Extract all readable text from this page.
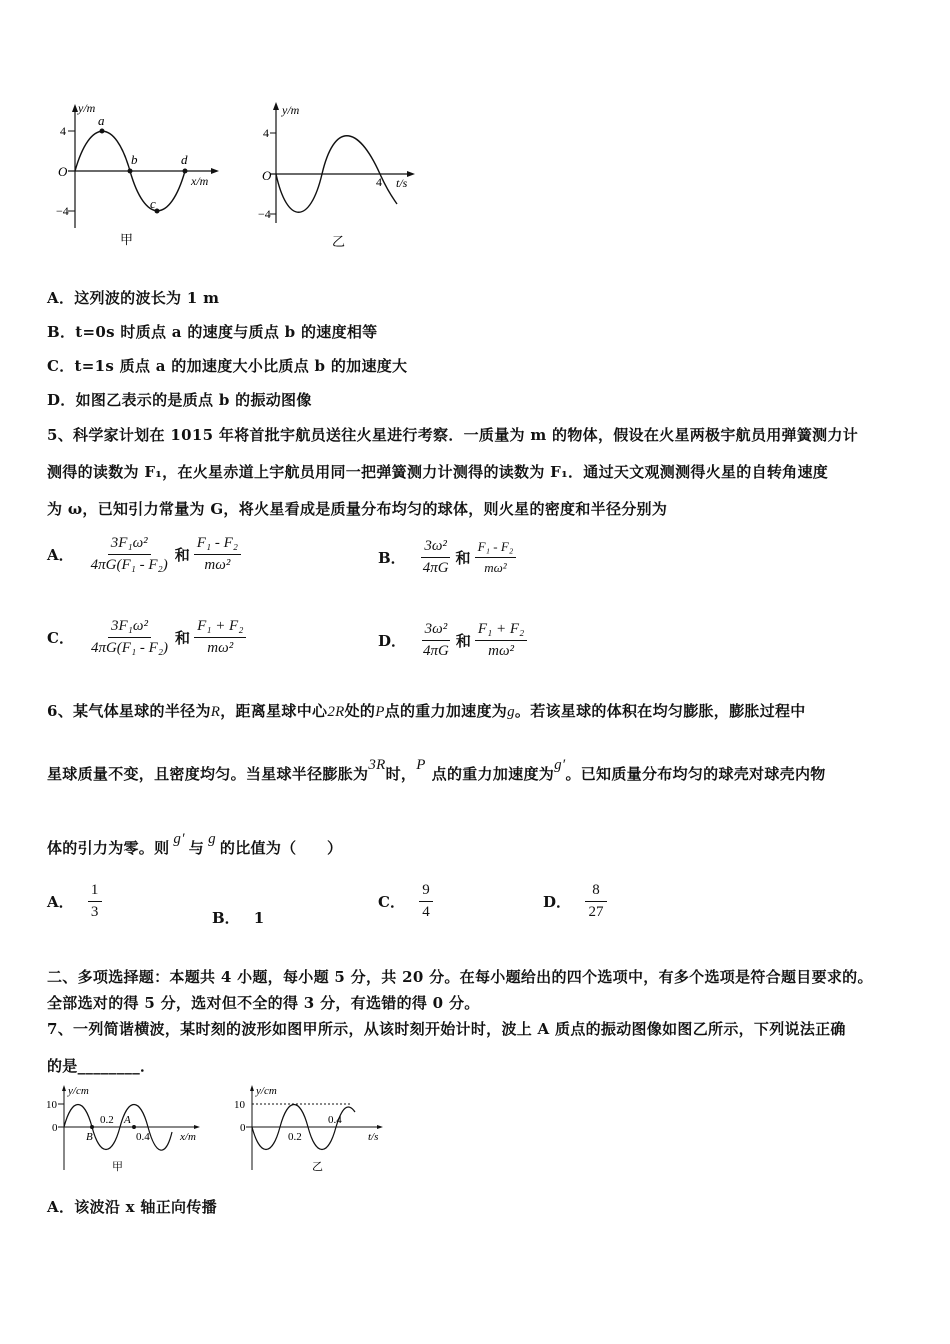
y/m
x/m
O
4
−4
a
b
c
d
甲
y/m
t/s
O
4
−4
4
乙
A．这列波的波长为 1 m
B．t=0s 时质点 a 的速度与质点 b 的速度相等
C．t=1s 质点 a 的加速度大小比质点 b 的加速度大
D．如图乙表示的是质点 b 的振动图像
5、科学家计划在 1015 年将首批宇航员送往火星进行考察．一质量为 m 的物体，假设在火星两极宇航员用弹簧测力计
测得的读数为 F₁，在火星赤道上宇航员用同一把弹簧测力计测得的读数为 F₁．通过天文观测测得火星的自转角速度
为 ω，已知引力常量为 G，将火星看成是质量分布均匀的球体，则火星的密度和半径分别为
A． $\frac{\text{3F₁ω²}}{\text{4πG(F₁ - F₂)}}$ 和 $\frac{\text{F₁ - F₂}}{\text{mω²}}$	B． $\frac{\text{3ω²}}{4\pi G}$ 和 $\frac{\text{F₁ - F₂}}{\text{mω²}}$
C． $\frac{\text{3F₁ω²}}{\text{4πG(F₁ - F₂)}}$ 和 $\frac{\text{F₁ + F₂}}{\text{mω²}}$	D． $\frac{\text{3ω²}}{4\pi G}$ 和 $\frac{\text{F₁ + F₂}}{\text{mω²}}$
6、某气体星球的半径为R，距离星球中心2R处的P点的重力加速度为g。若该星球的体积在均匀膨胀，膨胀过程中
星球质量不变，且密度均匀。当星球半径膨胀为3R时，P 点的重力加速度为g′。已知质量分布均匀的球壳对球壳内物
体的引力为零。则 g′ 与 g 的比值为（　　）
A． $\frac{1}{3}$	B． 1
C． $\frac{9}{4}$	D． $\frac{8}{27}$
二、多项选择题：本题共 4 小题，每小题 5 分，共 20 分。在每小题给出的四个选项中，有多个选项是符合题目要求的。
全部选对的得 5 分，选对但不全的得 3 分，有选错的得 0 分。
7、一列简谐横波，某时刻的波形如图甲所示，从该时刻开始计时，波上 A 质点的振动图像如图乙所示，下列说法正确
的是________．
y/cm
x/m
10
0
0.2
0.4
A
B
甲
y/cm
t/s
10
0
0.2
0.4
乙
A．该波沿 x 轴正向传播
